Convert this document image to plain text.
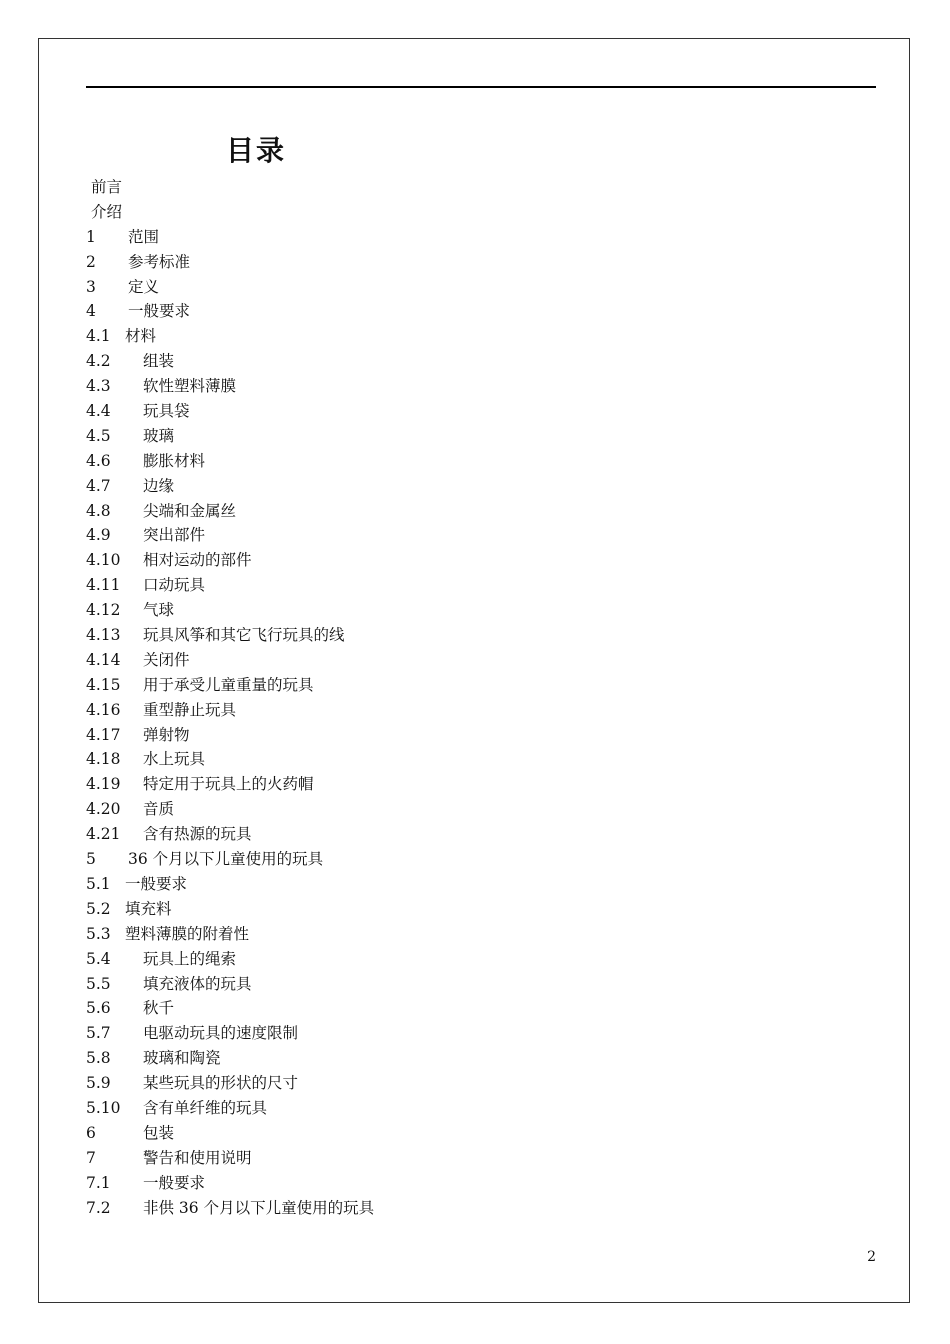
目录
前言
介绍
1 范围
2 参考标准
3 定义
4 一般要求
4.1 材料
4.2 组装
4.3 软性塑料薄膜
4.4 玩具袋
4.5 玻璃
4.6 膨胀材料
4.7 边缘
4.8 尖端和金属丝
4.9 突出部件
4.10 相对运动的部件
4.11 口动玩具
4.12 气球
4.13 玩具风筝和其它飞行玩具的线
4.14 关闭件
4.15 用于承受儿童重量的玩具
4.16 重型静止玩具
4.17 弹射物
4.18 水上玩具
4.19 特定用于玩具上的火药帽
4.20 音质
4.21 含有热源的玩具
5 36 个月以下儿童使用的玩具
5.1 一般要求
5.2 填充料
5.3 塑料薄膜的附着性
5.4 玩具上的绳索
5.5 填充液体的玩具
5.6 秋千
5.7 电驱动玩具的速度限制
5.8 玻璃和陶瓷
5.9 某些玩具的形状的尺寸
5.10 含有单纤维的玩具
6	包装
7	警告和使用说明
7.1 一般要求
7.2 非供 36 个月以下儿童使用的玩具
2
